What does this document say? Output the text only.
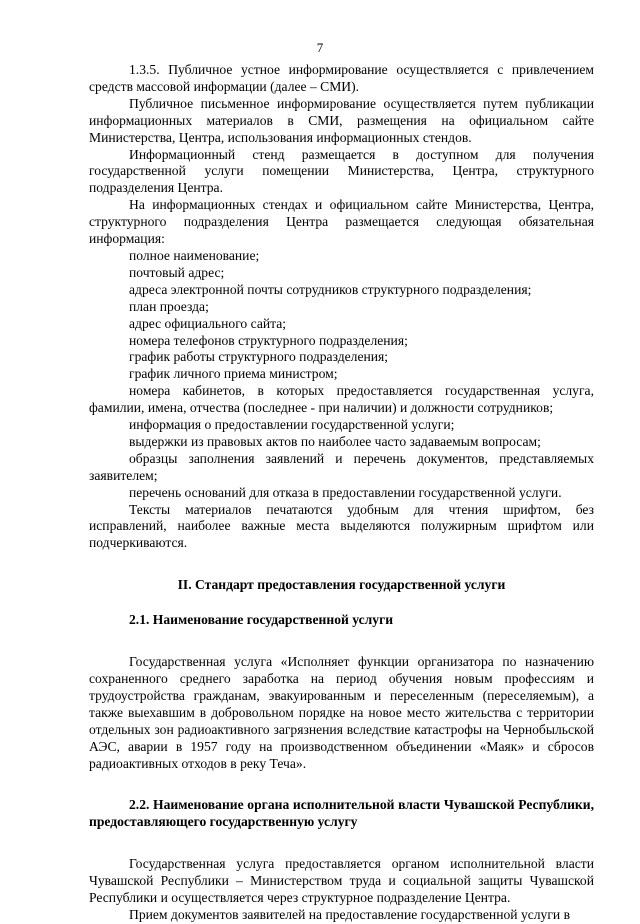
7

1.3.5. Публичное устное информирование осуществляется с привлечением средств массовой информации (далее – СМИ).

Публичное письменное информирование осуществляется путем публикации информационных материалов в СМИ, размещения на официальном сайте Министерства, Центра, использования информационных стендов.

Информационный стенд размещается в доступном для получения государственной услуги помещении Министерства, Центра, структурного подразделения Центра.

На информационных стендах и официальном сайте Министерства, Центра, структурного подразделения Центра размещается следующая обязательная информация:

полное наименование;

почтовый адрес;

адреса электронной почты сотрудников структурного подразделения;

план проезда;

адрес официального сайта;

номера телефонов структурного подразделения;

график работы структурного подразделения;

график личного приема министром;

номера кабинетов, в которых предоставляется государственная услуга, фамилии, имена, отчества (последнее - при наличии) и должности сотрудников;

информация о предоставлении государственной услуги;

выдержки из правовых актов по наиболее часто задаваемым вопросам;

образцы заполнения заявлений и перечень документов, представляемых заявителем;

перечень оснований для отказа в предоставлении государственной услуги.

Тексты материалов печатаются удобным для чтения шрифтом, без исправлений, наиболее важные места выделяются полужирным шрифтом или подчеркиваются.

II. Стандарт предоставления государственной услуги

2.1. Наименование государственной услуги

Государственная услуга «Исполняет функции организатора по назначению сохраненного среднего заработка на период обучения новым профессиям и трудоустройства гражданам, эвакуированным и переселенным (переселяемым), а также выехавшим в добровольном порядке на новое место жительства с территории отдельных зон радиоактивного загрязнения вследствие катастрофы на Чернобыльской АЭС, аварии в 1957 году на производственном объединении «Маяк» и сбросов радиоактивных отходов в реку Теча».

2.2. Наименование органа исполнительной власти Чувашской Республики, предоставляющего государственную услугу

Государственная услуга предоставляется органом исполнительной власти Чувашской Республики – Министерством труда и социальной защиты Чувашской Республики и осуществляется через структурное подразделение Центра.

Прием документов заявителей на предоставление государственной услуги в
